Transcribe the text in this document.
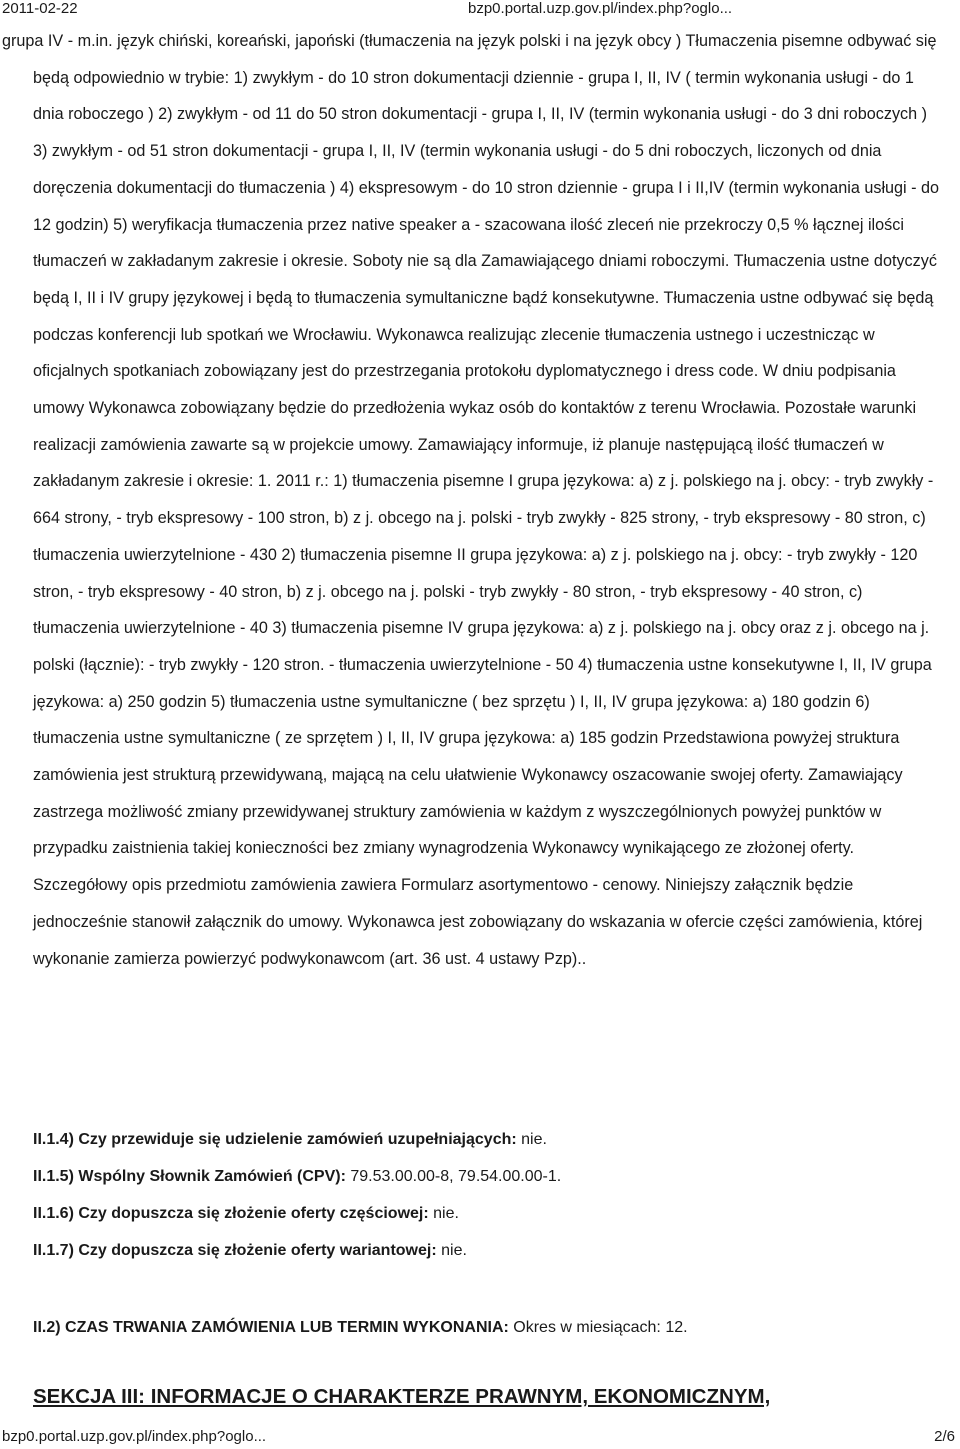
2011-02-22	bzp0.portal.uzp.gov.pl/index.php?oglo...
grupa IV - m.in. język chiński, koreański, japoński (tłumaczenia na język polski i na język obcy ) Tłumaczenia pisemne odbywać się będą odpowiednio w trybie: 1) zwykłym - do 10 stron dokumentacji dziennie - grupa I, II, IV ( termin wykonania usługi - do 1 dnia roboczego ) 2) zwykłym - od 11 do 50 stron dokumentacji - grupa I, II, IV (termin wykonania usługi - do 3 dni roboczych ) 3) zwykłym - od 51 stron dokumentacji - grupa I, II, IV (termin wykonania usługi - do 5 dni roboczych, liczonych od dnia doręczenia dokumentacji do tłumaczenia ) 4) ekspresowym - do 10 stron dziennie - grupa I i II,IV (termin wykonania usługi - do 12 godzin) 5) weryfikacja tłumaczenia przez native speaker a - szacowana ilość zleceń nie przekroczy 0,5 % łącznej ilości tłumaczeń w zakładanym zakresie i okresie. Soboty nie są dla Zamawiającego dniami roboczymi. Tłumaczenia ustne dotyczyć będą I, II i IV grupy językowej i będą to tłumaczenia symultaniczne bądź konsekutywne. Tłumaczenia ustne odbywać się będą podczas konferencji lub spotkań we Wrocławiu. Wykonawca realizując zlecenie tłumaczenia ustnego i uczestnicząc w oficjalnych spotkaniach zobowiązany jest do przestrzegania protokołu dyplomatycznego i dress code. W dniu podpisania umowy Wykonawca zobowiązany będzie do przedłożenia wykaz osób do kontaktów z terenu Wrocławia. Pozostałe warunki realizacji zamówienia zawarte są w projekcie umowy. Zamawiający informuje, iż planuje następującą ilość tłumaczeń w zakładanym zakresie i okresie: 1. 2011 r.: 1) tłumaczenia pisemne I grupa językowa: a) z j. polskiego na j. obcy: - tryb zwykły - 664 strony, - tryb ekspresowy - 100 stron, b) z j. obcego na j. polski - tryb zwykły - 825 strony, - tryb ekspresowy - 80 stron, c) tłumaczenia uwierzytelnione - 430 2) tłumaczenia pisemne II grupa językowa: a) z j. polskiego na j. obcy: - tryb zwykły - 120 stron, - tryb ekspresowy - 40 stron, b) z j. obcego na j. polski - tryb zwykły - 80 stron, - tryb ekspresowy - 40 stron, c) tłumaczenia uwierzytelnione - 40 3) tłumaczenia pisemne IV grupa językowa: a) z j. polskiego na j. obcy oraz z j. obcego na j. polski (łącznie): - tryb zwykły - 120 stron. - tłumaczenia uwierzytelnione - 50 4) tłumaczenia ustne konsekutywne I, II, IV grupa językowa: a) 250 godzin 5) tłumaczenia ustne symultaniczne ( bez sprzętu ) I, II, IV grupa językowa: a) 180 godzin 6) tłumaczenia ustne symultaniczne ( ze sprzętem ) I, II, IV grupa językowa: a) 185 godzin Przedstawiona powyżej struktura zamówienia jest strukturą przewidywaną, mającą na celu ułatwienie Wykonawcy oszacowanie swojej oferty. Zamawiający zastrzega możliwość zmiany przewidywanej struktury zamówienia w każdym z wyszczególnionych powyżej punktów w przypadku zaistnienia takiej konieczności bez zmiany wynagrodzenia Wykonawcy wynikającego ze złożonej oferty. Szczegółowy opis przedmiotu zamówienia zawiera Formularz asortymentowo - cenowy. Niniejszy załącznik będzie jednocześnie stanowił załącznik do umowy. Wykonawca jest zobowiązany do wskazania w ofercie części zamówienia, której wykonanie zamierza powierzyć podwykonawcom (art. 36 ust. 4 ustawy Pzp)..
II.1.4) Czy przewiduje się udzielenie zamówień uzupełniających: nie.
II.1.5) Wspólny Słownik Zamówień (CPV): 79.53.00.00-8, 79.54.00.00-1.
II.1.6) Czy dopuszcza się złożenie oferty częściowej: nie.
II.1.7) Czy dopuszcza się złożenie oferty wariantowej: nie.
II.2) CZAS TRWANIA ZAMÓWIENIA LUB TERMIN WYKONANIA: Okres w miesiącach: 12.
SEKCJA III: INFORMACJE O CHARAKTERZE PRAWNYM, EKONOMICZNYM,
bzp0.portal.uzp.gov.pl/index.php?oglo...	2/6
